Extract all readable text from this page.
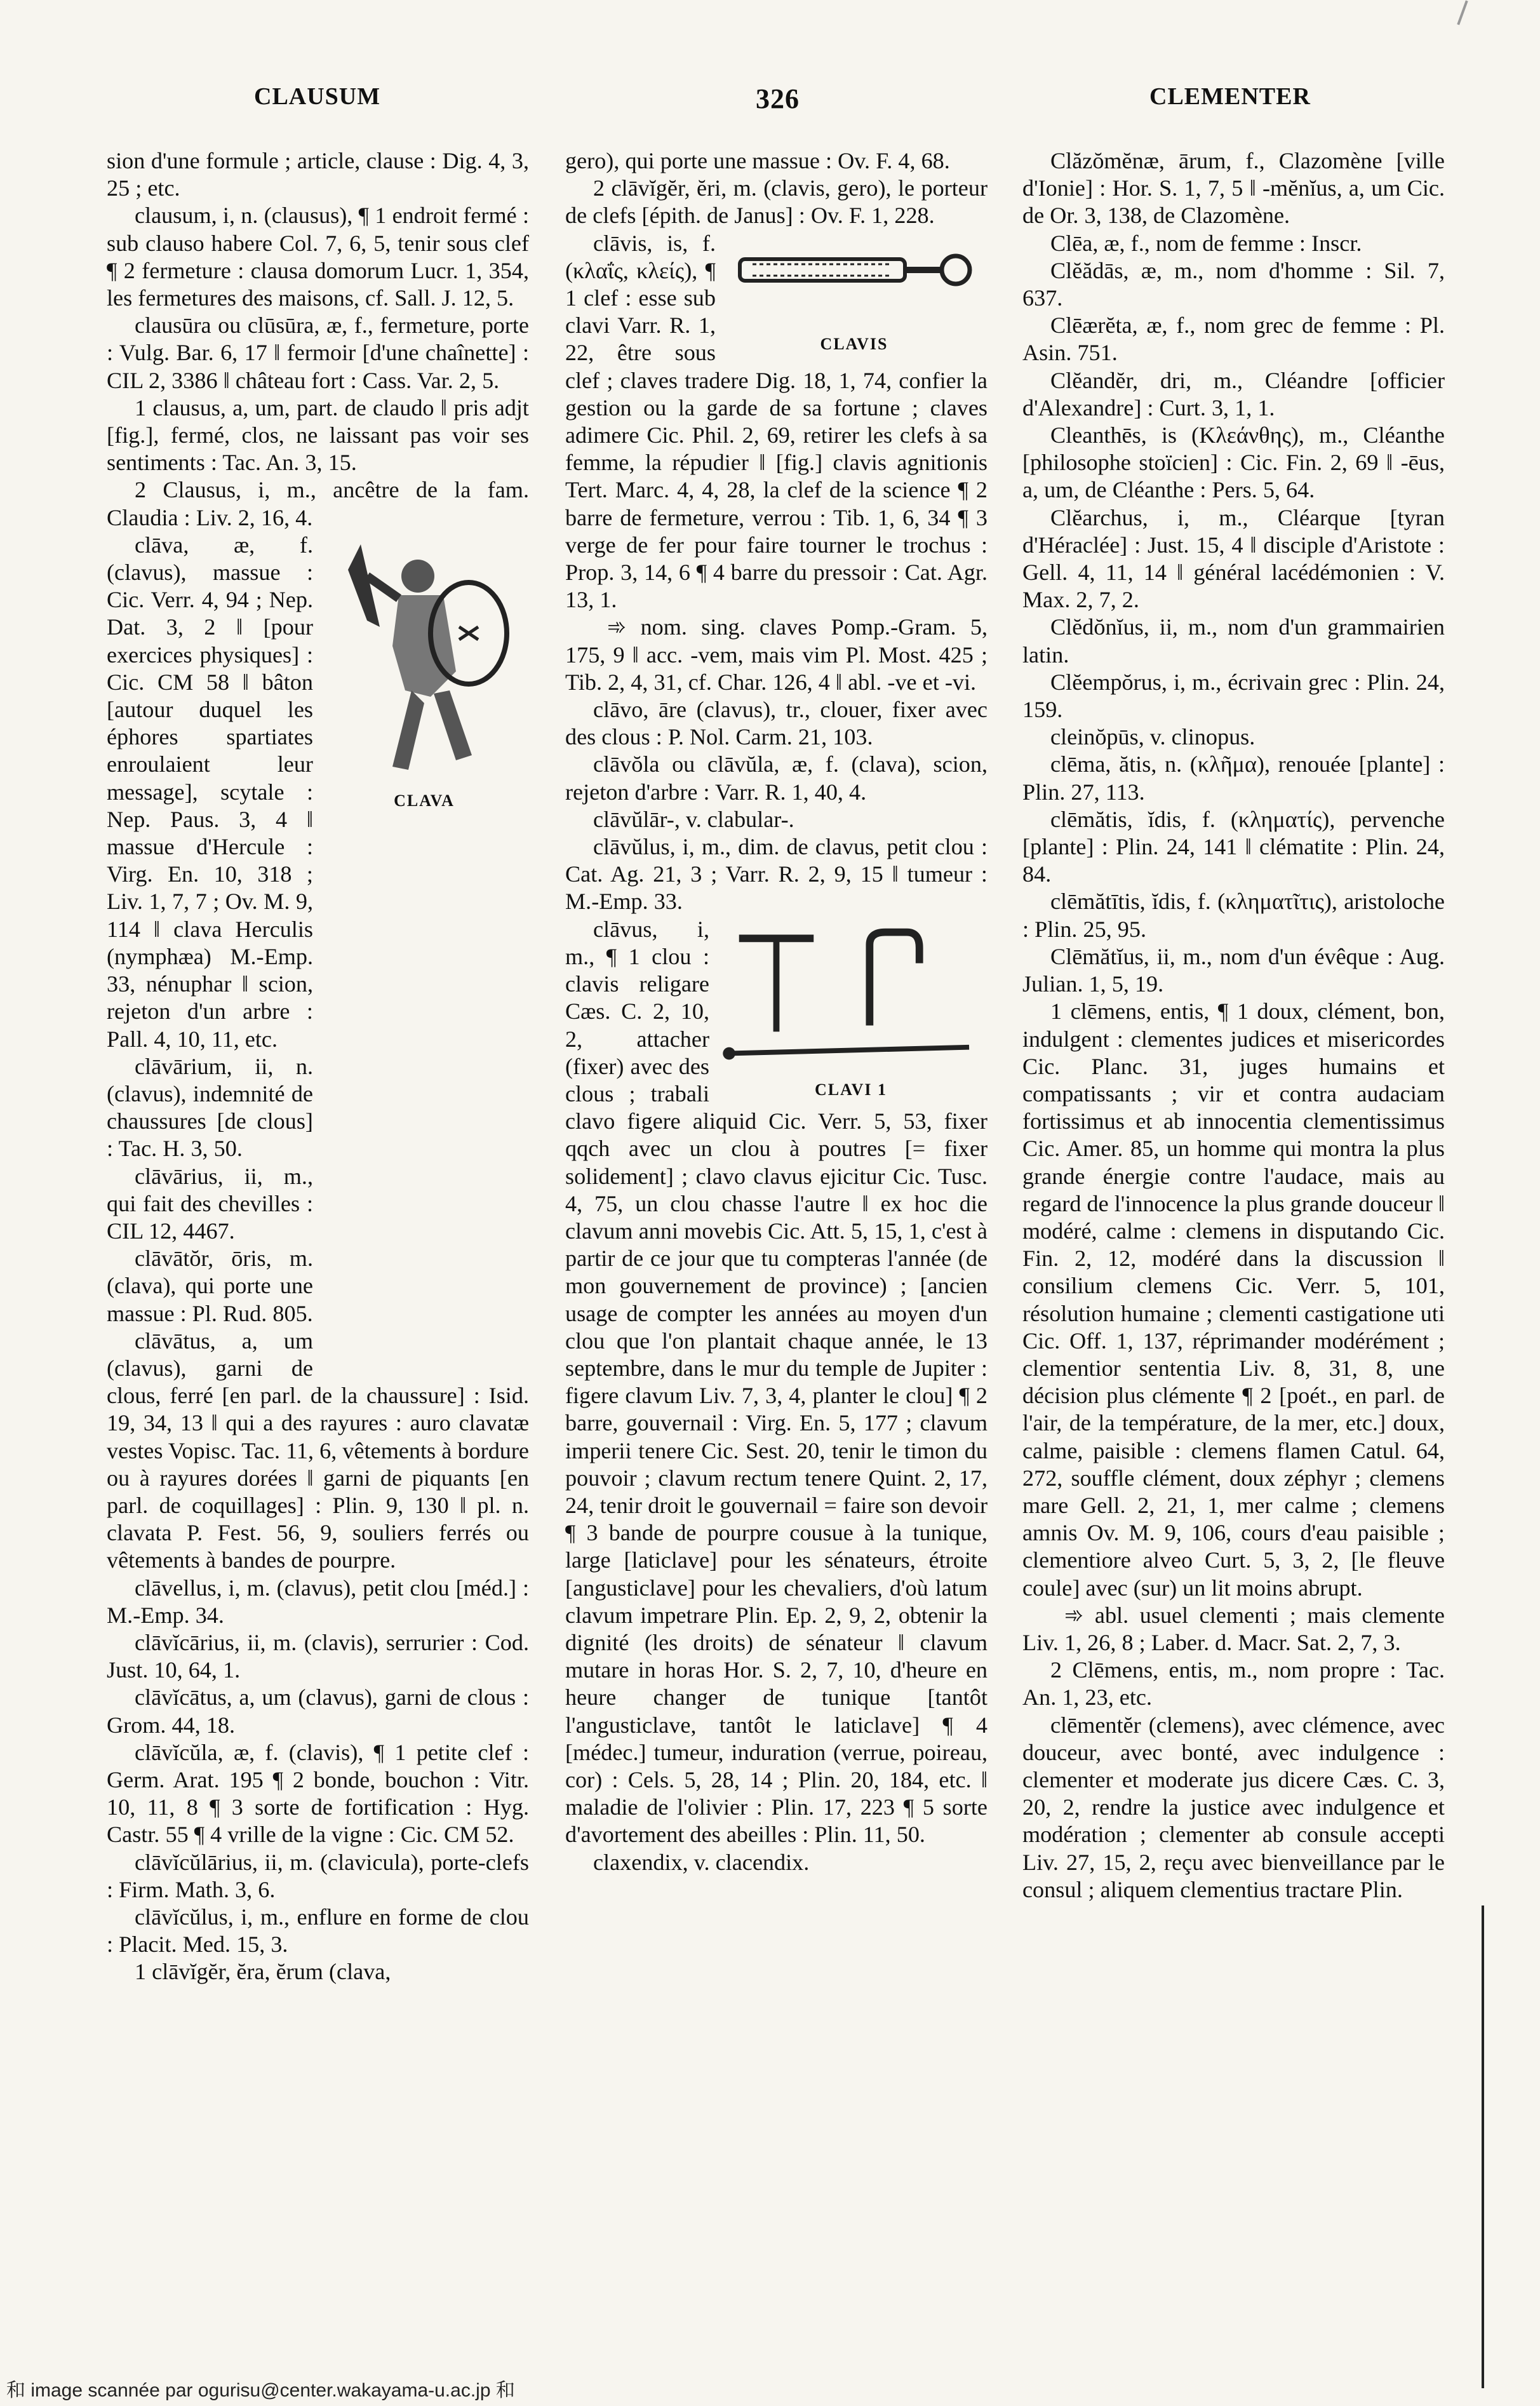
CLAUSUM	326	CLEMENTER

sion d'une formule ; article, clause : Dig. 4, 3, 25 ; etc.

clausum, i, n. (clausus), ¶ 1 endroit fermé : sub clauso habere Col. 7, 6, 5, tenir sous clef ¶ 2 fermeture : clausa domorum Lucr. 1, 354, les fermetures des maisons, cf. Sall. J. 12, 5.

clausūra ou clūsūra, æ, f., fermeture, porte : Vulg. Bar. 6, 17 ‖ fermoir [d'une chaînette] : CIL 2, 3386 ‖ château fort : Cass. Var. 2, 5.

1 clausus, a, um, part. de claudo ‖ pris adjt [fig.], fermé, clos, ne laissant pas voir ses sentiments : Tac. An. 3, 15.

2 Clausus, i, m., ancêtre de la fam. Claudia : Liv. 2, 16, 4.

CLAVA

clāva, æ, f. (clavus), massue : Cic. Verr. 4, 94 ; Nep. Dat. 3, 2 ‖ [pour exercices physiques] : Cic. CM 58 ‖ bâton [autour duquel les éphores spartiates enroulaient leur message], scytale : Nep. Paus. 3, 4 ‖ massue d'Hercule : Virg. En. 10, 318 ; Liv. 1, 7, 7 ; Ov. M. 9, 114 ‖ clava Herculis (nymphæa) M.-Emp. 33, nénuphar ‖ scion, rejeton d'un arbre : Pall. 4, 10, 11, etc.

clāvārium, ii, n. (clavus), indemnité de chaussures [de clous] : Tac. H. 3, 50.

clāvārius, ii, m., qui fait des chevilles : CIL 12, 4467.

clāvātŏr, ōris, m. (clava), qui porte une massue : Pl. Rud. 805.

clāvātus, a, um (clavus), garni de clous, ferré [en parl. de la chaussure] : Isid. 19, 34, 13 ‖ qui a des rayures : auro clavatæ vestes Vopisc. Tac. 11, 6, vêtements à bordure ou à rayures dorées ‖ garni de piquants [en parl. de coquillages] : Plin. 9, 130 ‖ pl. n. clavata P. Fest. 56, 9, souliers ferrés ou vêtements à bandes de pourpre.

clāvellus, i, m. (clavus), petit clou [méd.] : M.-Emp. 34.

clāvĭcārius, ii, m. (clavis), serrurier : Cod. Just. 10, 64, 1.

clāvĭcātus, a, um (clavus), garni de clous : Grom. 44, 18.

clāvĭcŭla, æ, f. (clavis), ¶ 1 petite clef : Germ. Arat. 195 ¶ 2 bonde, bouchon : Vitr. 10, 11, 8 ¶ 3 sorte de fortification : Hyg. Castr. 55 ¶ 4 vrille de la vigne : Cic. CM 52.

clāvĭcŭlārius, ii, m. (clavicula), porte-clefs : Firm. Math. 3, 6.

clāvĭcŭlus, i, m., enflure en forme de clou : Placit. Med. 15, 3.

1 clāvĭgĕr, ĕra, ĕrum (clava,

gero), qui porte une massue : Ov. F. 4, 68.

2 clāvĭgĕr, ĕri, m. (clavis, gero), le porteur de clefs [épith. de Janus] : Ov. F. 1, 228.

CLAVIS

clāvis, is, f. (κλαΐς, κλείς), ¶ 1 clef : esse sub clavi Varr. R. 1, 22, être sous clef ; claves tradere Dig. 18, 1, 74, confier la gestion ou la garde de sa fortune ; claves adimere Cic. Phil. 2, 69, retirer les clefs à sa femme, la répudier ‖ [fig.] clavis agnitionis Tert. Marc. 4, 4, 28, la clef de la science ¶ 2 barre de fermeture, verrou : Tib. 1, 6, 34 ¶ 3 verge de fer pour faire tourner le trochus : Prop. 3, 14, 6 ¶ 4 barre du pressoir : Cat. Agr. 13, 1.

➾ nom. sing. claves Pomp.-Gram. 5, 175, 9 ‖ acc. -vem, mais vim Pl. Most. 425 ; Tib. 2, 4, 31, cf. Char. 126, 4 ‖ abl. -ve et -vi.

clāvo, āre (clavus), tr., clouer, fixer avec des clous : P. Nol. Carm. 21, 103.

clāvŏla ou clāvŭla, æ, f. (clava), scion, rejeton d'arbre : Varr. R. 1, 40, 4.

clāvŭlār-, v. clabular-.

clāvŭlus, i, m., dim. de clavus, petit clou : Cat. Ag. 21, 3 ; Varr. R. 2, 9, 15 ‖ tumeur : M.-Emp. 33.

CLAVI 1

clāvus, i, m., ¶ 1 clou : clavis religare Cæs. C. 2, 10, 2, attacher (fixer) avec des clous ; trabali clavo figere aliquid Cic. Verr. 5, 53, fixer qqch avec un clou à poutres [= fixer solidement] ; clavo clavus ejicitur Cic. Tusc. 4, 75, un clou chasse l'autre ‖ ex hoc die clavum anni movebis Cic. Att. 5, 15, 1, c'est à partir de ce jour que tu compteras l'année (de mon gouvernement de province) ; [ancien usage de compter les années au moyen d'un clou que l'on plantait chaque année, le 13 septembre, dans le mur du temple de Jupiter : figere clavum Liv. 7, 3, 4, planter le clou] ¶ 2 barre, gouvernail : Virg. En. 5, 177 ; clavum imperii tenere Cic. Sest. 20, tenir le timon du pouvoir ; clavum rectum tenere Quint. 2, 17, 24, tenir droit le gouvernail = faire son devoir ¶ 3 bande de pourpre cousue à la tunique, large [laticlave] pour les sénateurs, étroite [angusticlave] pour les chevaliers, d'où latum clavum impetrare Plin. Ep. 2, 9, 2, obtenir la dignité (les droits) de sénateur ‖ clavum mutare in horas Hor. S. 2, 7, 10, d'heure en heure changer de tunique [tantôt l'angusticlave, tantôt le laticlave] ¶ 4 [médec.] tumeur, induration (verrue, poireau, cor) : Cels. 5, 28, 14 ; Plin. 20, 184, etc. ‖ maladie de l'olivier : Plin. 17, 223 ¶ 5 sorte d'avortement des abeilles : Plin. 11, 50.

claxendix, v. clacendix.

Clăzŏmĕnæ, ārum, f., Clazomène [ville d'Ionie] : Hor. S. 1, 7, 5 ‖ -mĕnĭus, a, um Cic. de Or. 3, 138, de Clazomène.

Clēa, æ, f., nom de femme : Inscr.

Clĕădās, æ, m., nom d'homme : Sil. 7, 637.

Clēærĕta, æ, f., nom grec de femme : Pl. Asin. 751.

Clĕandĕr, dri, m., Cléandre [officier d'Alexandre] : Curt. 3, 1, 1.

Cleanthēs, is (Κλεάνθης), m., Cléanthe [philosophe stoïcien] : Cic. Fin. 2, 69 ‖ -ēus, a, um, de Cléanthe : Pers. 5, 64.

Clĕarchus, i, m., Cléarque [tyran d'Héraclée] : Just. 15, 4 ‖ disciple d'Aristote : Gell. 4, 11, 14 ‖ général lacédémonien : V. Max. 2, 7, 2.

Clĕdŏnĭus, ii, m., nom d'un grammairien latin.

Clĕempŏrus, i, m., écrivain grec : Plin. 24, 159.

cleinŏpūs, v. clinopus.

clēma, ătis, n. (κλῆμα), renouée [plante] : Plin. 27, 113.

clēmătis, ĭdis, f. (κληματίς), pervenche [plante] : Plin. 24, 141 ‖ clématite : Plin. 24, 84.

clēmătītis, ĭdis, f. (κληματῖτις), aristoloche : Plin. 25, 95.

Clēmătĭus, ii, m., nom d'un évêque : Aug. Julian. 1, 5, 19.

1 clēmens, entis, ¶ 1 doux, clément, bon, indulgent : clementes judices et misericordes Cic. Planc. 31, juges humains et compatissants ; vir et contra audaciam fortissimus et ab innocentia clementissimus Cic. Amer. 85, un homme qui montra la plus grande énergie contre l'audace, mais au regard de l'innocence la plus grande douceur ‖ modéré, calme : clemens in disputando Cic. Fin. 2, 12, modéré dans la discussion ‖ consilium clemens Cic. Verr. 5, 101, résolution humaine ; clementi castigatione uti Cic. Off. 1, 137, réprimander modérément ; clementior sententia Liv. 8, 31, 8, une décision plus clémente ¶ 2 [poét., en parl. de l'air, de la température, de la mer, etc.] doux, calme, paisible : clemens flamen Catul. 64, 272, souffle clément, doux zéphyr ; clemens mare Gell. 2, 21, 1, mer calme ; clemens amnis Ov. M. 9, 106, cours d'eau paisible ; clementiore alveo Curt. 5, 3, 2, [le fleuve coule] avec (sur) un lit moins abrupt.

➾ abl. usuel clementi ; mais clemente Liv. 1, 26, 8 ; Laber. d. Macr. Sat. 2, 7, 3.

2 Clēmens, entis, m., nom propre : Tac. An. 1, 23, etc.

clēmentĕr (clemens), avec clémence, avec douceur, avec bonté, avec indulgence : clementer et moderate jus dicere Cæs. C. 3, 20, 2, rendre la justice avec indulgence et modération ; clementer ab consule accepti Liv. 27, 15, 2, reçu avec bienveillance par le consul ; aliquem clementius tractare Plin.

和 image scannée par ogurisu@center.wakayama-u.ac.jp 和
